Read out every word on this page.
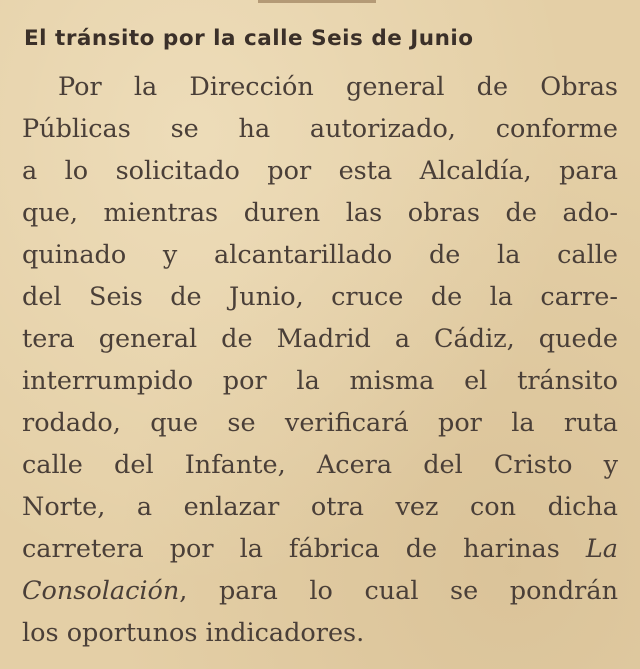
El tránsito por la calle Seis de Junio
Por la Dirección general de Obras
Públicas se ha autorizado, conforme
a lo solicitado por esta Alcaldía, para
que, mientras duren las obras de ado-
quinado y alcantarillado de la calle
del Seis de Junio, cruce de la carre-
tera general de Madrid a Cádiz, quede
interrumpido por la misma el tránsito
rodado, que se verificará por la ruta
calle del Infante, Acera del Cristo y
Norte, a enlazar otra vez con dicha
carretera por la fábrica de harinas La
Consolación, para lo cual se pondrán
los oportunos indicadores.
